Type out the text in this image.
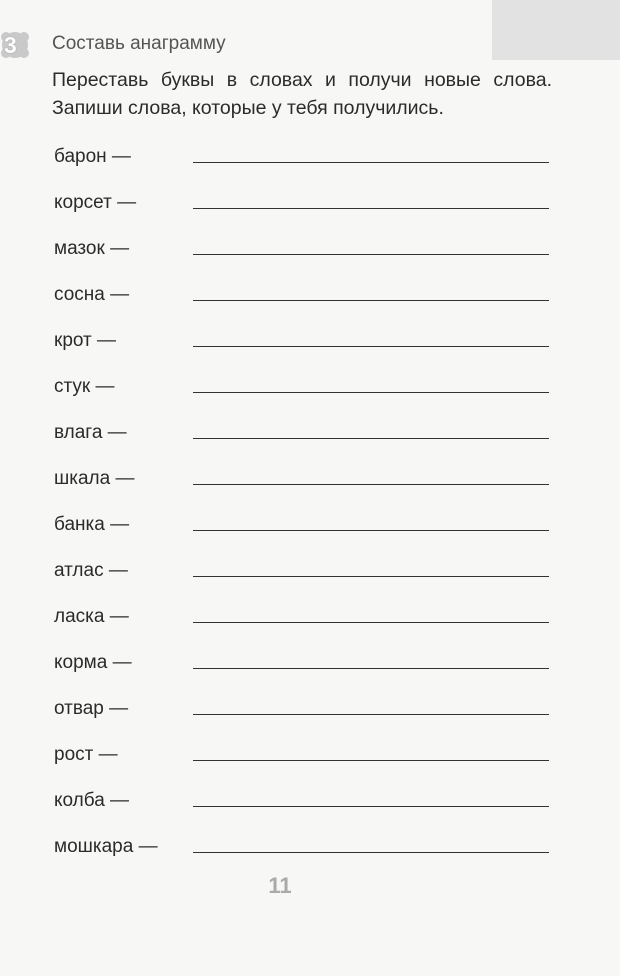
3 Составь анаграмму
Переставь буквы в словах и получи новые слова. Запиши слова, которые у тебя получились.
барон —
корсет —
мазок —
сосна —
крот —
стук —
влага —
шкала —
банка —
атлас —
ласка —
корма —
отвар —
рост —
колба —
мошкара —
11
